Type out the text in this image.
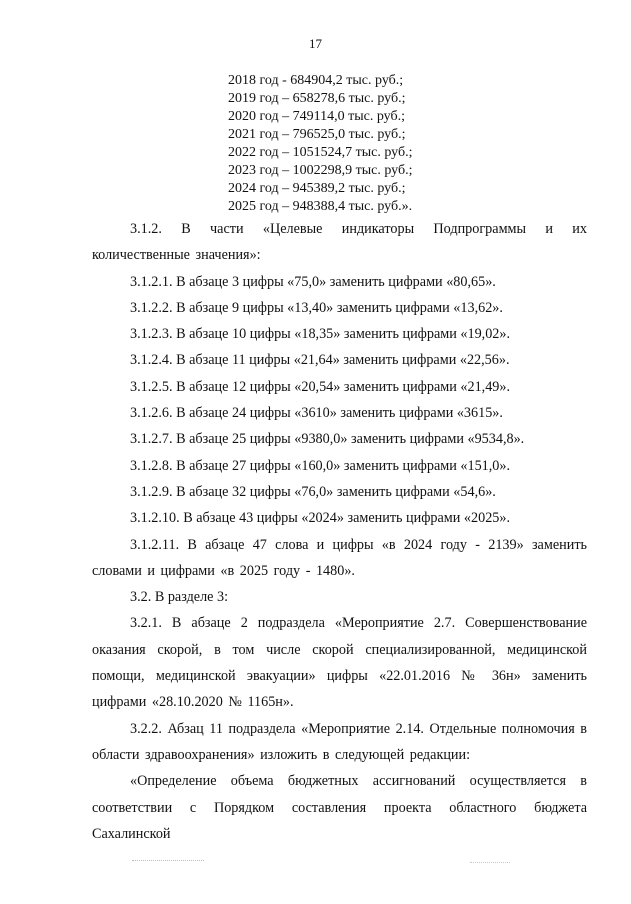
17
2018 год - 684904,2 тыс. руб.;
2019 год – 658278,6 тыс. руб.;
2020 год – 749114,0 тыс. руб.;
2021 год – 796525,0 тыс. руб.;
2022 год – 1051524,7 тыс. руб.;
2023 год – 1002298,9 тыс. руб.;
2024 год – 945389,2 тыс. руб.;
2025 год – 948388,4 тыс. руб.».

3.1.2. В части «Целевые индикаторы Подпрограммы и их количественные значения»:

3.1.2.1. В абзаце 3 цифры «75,0» заменить цифрами «80,65».

3.1.2.2. В абзаце 9 цифры «13,40» заменить цифрами «13,62».

3.1.2.3. В абзаце 10 цифры «18,35» заменить цифрами «19,02».

3.1.2.4. В абзаце 11 цифры «21,64» заменить цифрами «22,56».

3.1.2.5. В абзаце 12 цифры «20,54» заменить цифрами «21,49».

3.1.2.6. В абзаце 24 цифры «3610» заменить цифрами «3615».

3.1.2.7. В абзаце 25 цифры «9380,0» заменить цифрами «9534,8».

3.1.2.8. В абзаце 27 цифры «160,0» заменить цифрами «151,0».

3.1.2.9. В абзаце 32 цифры «76,0» заменить цифрами «54,6».

3.1.2.10. В абзаце 43 цифры «2024» заменить цифрами «2025».

3.1.2.11. В абзаце 47 слова и цифры «в 2024 году - 2139» заменить словами и цифрами «в 2025 году - 1480».

3.2. В разделе 3:

3.2.1. В абзаце 2 подраздела «Мероприятие 2.7. Совершенствование оказания скорой, в том числе скорой специализированной, медицинской помощи, медицинской эвакуации» цифры «22.01.2016 № 36н» заменить цифрами «28.10.2020 № 1165н».

3.2.2. Абзац 11 подраздела «Мероприятие 2.14. Отдельные полномочия в области здравоохранения» изложить в следующей редакции:

«Определение объема бюджетных ассигнований осуществляется в соответствии с Порядком составления проекта областного бюджета Сахалинской
